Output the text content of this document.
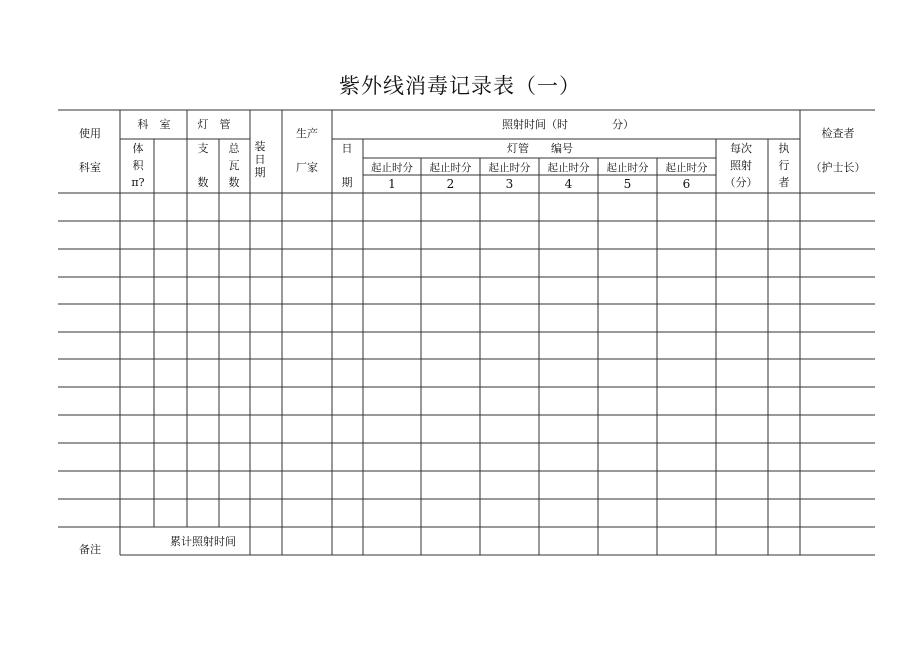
紫外线消毒记录表（一）
使用
科室
科　室
体
积
π?
灯　管
支
数
总
瓦
数
装
日
期
生产
厂家
照射时间（时　　　　分）
日
期
灯管　　编号
起止时分
1
起止时分
2
起止时分
3
起止时分
4
起止时分
5
起止时分
6
每次
照射
（分）
执
行
者
检查者
（护士长）
备注
累计照射时间
